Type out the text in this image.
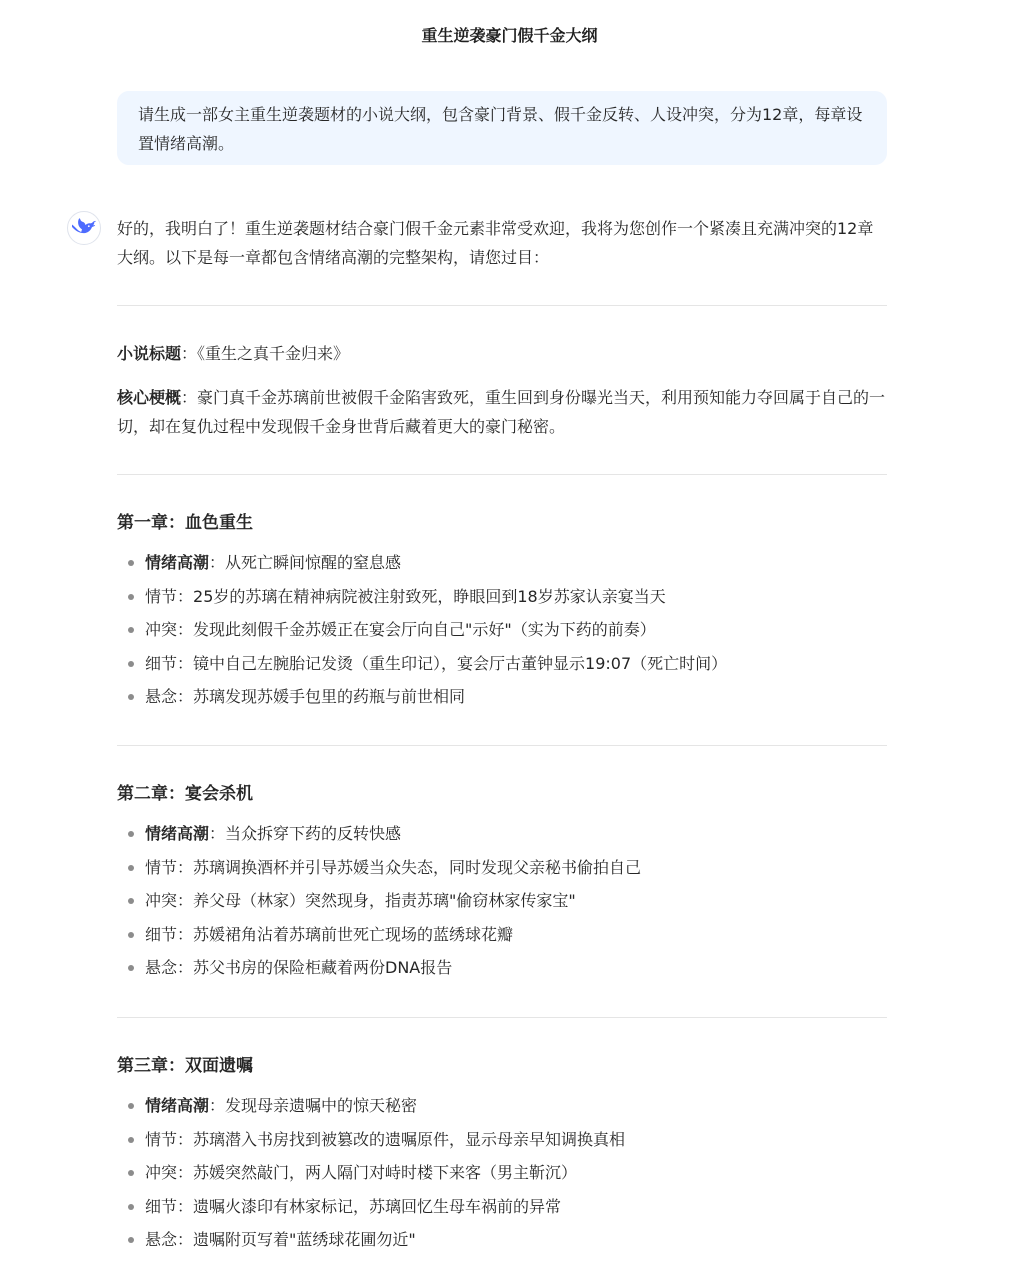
重生逆袭豪门假千金大纲
请生成一部女主重生逆袭题材的小说大纲，包含豪门背景、假千金反转、人设冲突，分为12章，每章设置情绪高潮。
好的，我明白了！重生逆袭题材结合豪门假千金元素非常受欢迎，我将为您创作一个紧凑且充满冲突的12章大纲。以下是每一章都包含情绪高潮的完整架构，请您过目：
小说标题：《重生之真千金归来》
核心梗概：豪门真千金苏璃前世被假千金陷害致死，重生回到身份曝光当天，利用预知能力夺回属于自己的一切，却在复仇过程中发现假千金身世背后藏着更大的豪门秘密。
第一章：血色重生
情绪高潮：从死亡瞬间惊醒的窒息感
情节：25岁的苏璃在精神病院被注射致死，睁眼回到18岁苏家认亲宴当天
冲突：发现此刻假千金苏媛正在宴会厅向自己"示好"（实为下药的前奏）
细节：镜中自己左腕胎记发烫（重生印记），宴会厅古董钟显示19:07（死亡时间）
悬念：苏璃发现苏媛手包里的药瓶与前世相同
第二章：宴会杀机
情绪高潮：当众拆穿下药的反转快感
情节：苏璃调换酒杯并引导苏媛当众失态，同时发现父亲秘书偷拍自己
冲突：养父母（林家）突然现身，指责苏璃"偷窃林家传家宝"
细节：苏媛裙角沾着苏璃前世死亡现场的蓝绣球花瓣
悬念：苏父书房的保险柜藏着两份DNA报告
第三章：双面遗嘱
情绪高潮：发现母亲遗嘱中的惊天秘密
情节：苏璃潜入书房找到被篡改的遗嘱原件，显示母亲早知调换真相
冲突：苏媛突然敲门，两人隔门对峙时楼下来客（男主靳沉）
细节：遗嘱火漆印有林家标记，苏璃回忆生母车祸前的异常
悬念：遗嘱附页写着"蓝绣球花圃勿近"
